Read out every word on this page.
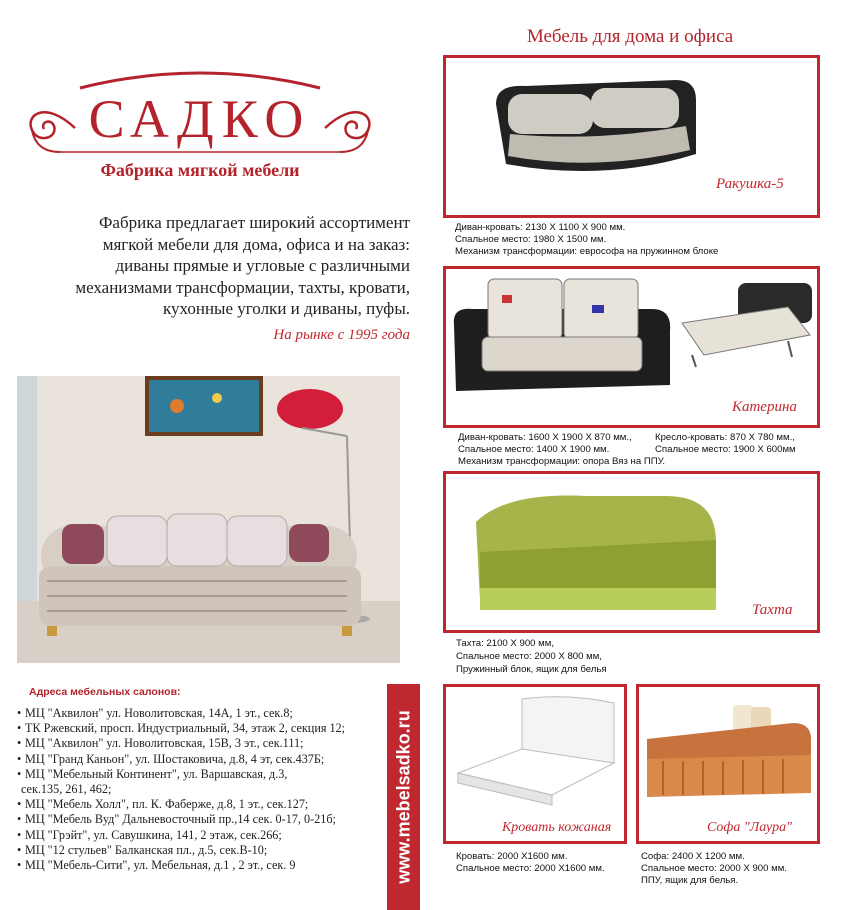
САДКО
Фабрика мягкой мебели
Фабрика предлагает широкий ассортимент
мягкой мебели для дома, офиса и на заказ:
диваны прямые и угловые с различными
механизмами трансформации, тахты, кровати,
кухонные уголки и диваны, пуфы.
На рынке с 1995 года
Адреса мебельных салонов:
• МЦ "Аквилон" ул. Новолитовская, 14А, 1 эт., сек.8;
• ТК Ржевский, просп. Индустриальный, 34, этаж 2, секция 12;
• МЦ "Аквилон" ул. Новолитовская, 15В, 3 эт., сек.111;
• МЦ "Гранд Каньон", ул. Шостаковича, д.8, 4 эт, сек.437Б;
• МЦ "Мебельный Континент", ул. Варшавская, д.3,
сек.135, 261, 462;
• МЦ "Мебель Холл", пл. К. Фаберже, д.8, 1 эт., сек.127;
• МЦ "Мебель Вуд" Дальневосточный пр.,14 сек. 0-17, 0-21б;
• МЦ "Грэйт", ул. Савушкина, 141, 2 этаж, сек.266;
• МЦ "12 стульев" Балканская пл., д.5, сек.В-10;
• МЦ "Мебель-Сити", ул. Мебельная, д.1 , 2 эт., сек. 9	www.mebelsadko.ru
Мебель для дома и офиса
Ракушка-5
Диван-кровать: 2130 Х 1100 Х 900 мм.
Спальное место: 1980 Х 1500 мм.
Механизм трансформации: еврософа на пружинном блоке
Катерина
Диван-кровать: 1600 Х 1900 Х 870 мм.,
Спальное место: 1400 Х 1900 мм.
Механизм трансформации: опора Вяз на ППУ.
Кресло-кровать: 870 Х 780 мм.,
Спальное место: 1900 Х 600мм
Тахта
Тахта: 2100 Х 900 мм,
Спальное место: 2000 Х 800 мм,
Пружинный блок, ящик для белья
Кровать кожаная
Кровать: 2000 Х1600 мм.
Спальное место: 2000 Х1600 мм.
Софа "Лаура"
Софа: 2400 Х 1200 мм.
Спальное место: 2000 Х 900 мм.
ППУ, ящик для белья.
